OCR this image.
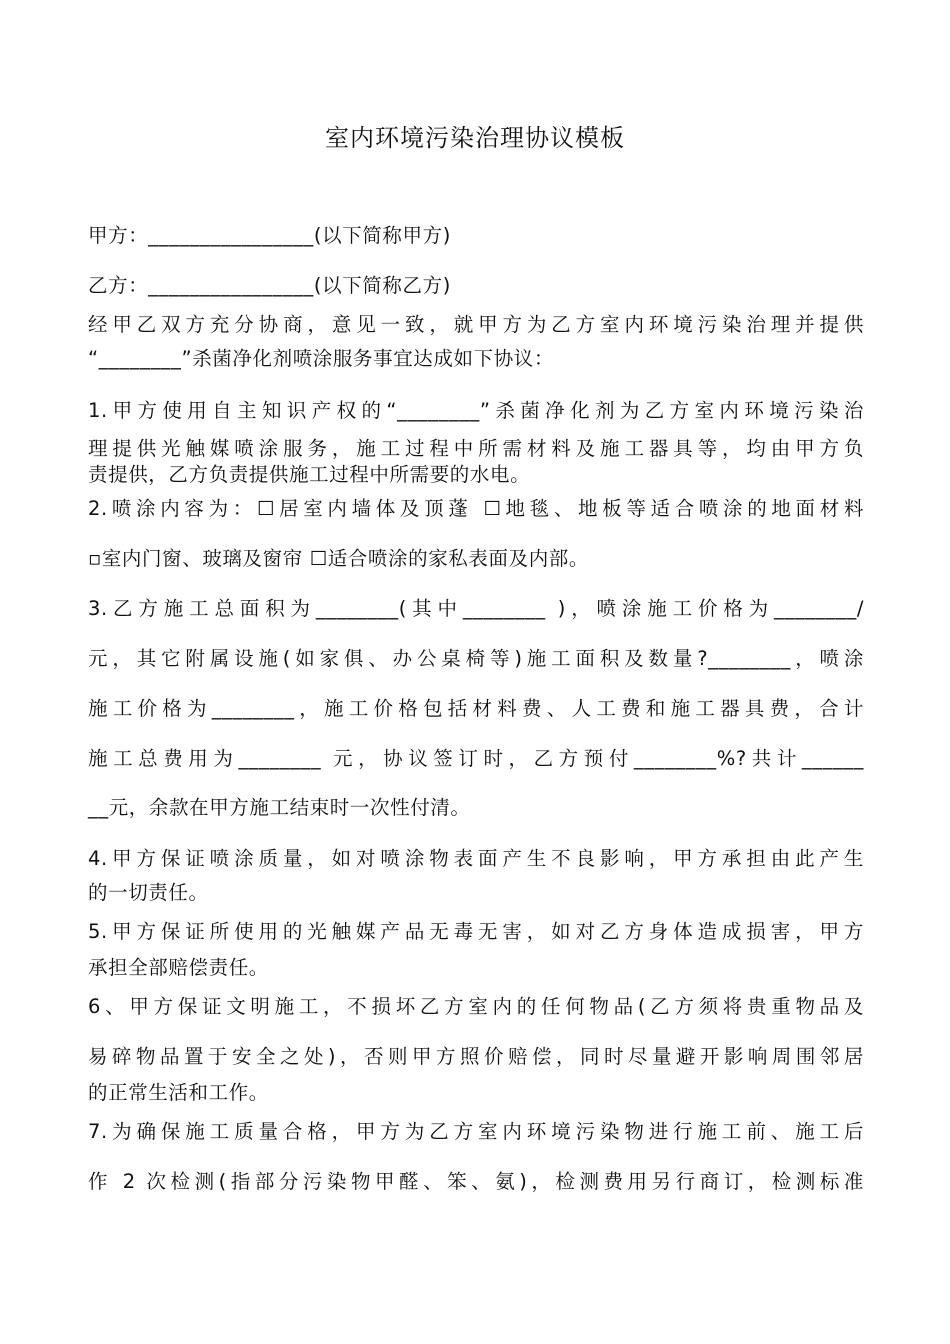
室内环境污染治理协议模板
甲方：________________(以下简称甲方)
乙方：________________(以下简称乙方)
经甲乙双方充分协商，意见一致，就甲方为乙方室内环境污染治理并提供
“________”杀菌净化剂喷涂服务事宜达成如下协议：
1.甲方使用自主知识产权的“________”杀菌净化剂为乙方室内环境污染治
理提供光触媒喷涂服务，施工过程中所需材料及施工器具等，均由甲方负
责提供，乙方负责提供施工过程中所需要的水电。
2.喷涂内容为：☐居室内墙体及顶蓬 ☐地毯、地板等适合喷涂的地面材料
▫室内门窗、玻璃及窗帘 ☐适合喷涂的家私表面及内部。
3.乙方施工总面积为________(其中________ )，喷涂施工价格为________/
元，其它附属设施(如家俱、办公桌椅等)施工面积及数量?________，喷涂
施工价格为________，施工价格包括材料费、人工费和施工器具费，合计
施工总费用为________ 元，协议签订时，乙方预付________%?共计______
__元，余款在甲方施工结束时一次性付清。
4.甲方保证喷涂质量，如对喷涂物表面产生不良影响，甲方承担由此产生
的一切责任。
5.甲方保证所使用的光触媒产品无毒无害，如对乙方身体造成损害，甲方
承担全部赔偿责任。
6、甲方保证文明施工，不损坏乙方室内的任何物品(乙方须将贵重物品及
易碎物品置于安全之处)，否则甲方照价赔偿，同时尽量避开影响周围邻居
的正常生活和工作。
7.为确保施工质量合格，甲方为乙方室内环境污染物进行施工前、施工后
作 2 次检测(指部分污染物甲醛、笨、氨)，检测费用另行商订，检测标准
